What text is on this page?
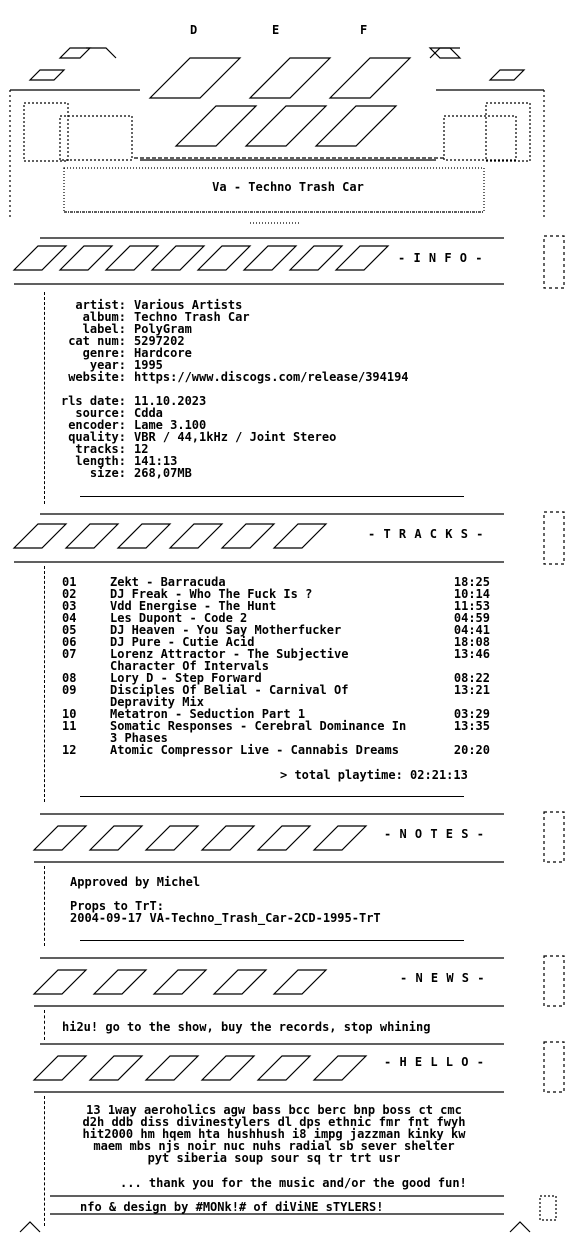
D	E	F
Va - Techno Trash Car
- I N F O -
artist: Various Artists
album: Techno Trash Car
label: PolyGram
cat num: 5297202
genre: Hardcore
year: 1995
website: https://www.discogs.com/release/394194
rls date: 11.10.2023
source: Cdda
encoder: Lame 3.100
quality: VBR / 44,1kHz / Joint Stereo
tracks: 12
length: 141:13
size: 268,07MB
- T R A C K S -
01	Zekt - Barracuda	18:25
02	DJ Freak - Who The Fuck Is ?	10:14
03	Vdd Energise - The Hunt	11:53
04	Les Dupont - Code 2	04:59
05	DJ Heaven - You Say Motherfucker	04:41
06	DJ Pure - Cutie Acid	18:08
07	Lorenz Attractor - The Subjective	13:46
Character Of Intervals
08	Lory D - Step Forward	08:22
09	Disciples Of Belial - Carnival Of	13:21
Depravity Mix
10	Metatron - Seduction Part 1	03:29
11	Somatic Responses - Cerebral Dominance In	13:35
3 Phases
12	Atomic Compressor Live - Cannabis Dreams	20:20
> total playtime: 02:21:13
- N O T E S -
Approved by Michel
Props to TrT:
2004-09-17 VA-Techno_Trash_Car-2CD-1995-TrT
- N E W S -
hi2u! go to the show, buy the records, stop whining
- H E L L O -
13 1way aeroholics agw bass bcc berc bnp boss ct cmc
d2h ddb diss divinestylers dl dps ethnic fmr fnt fwyh
hit2000 hm hqem hta hushhush i8 impg jazzman kinky kw
maem mbs njs noir nuc nuhs radial sb sever shelter
pyt siberia soup sour sq tr trt usr
... thank you for the music and/or the good fun!
nfo & design by #MONk!# of diViNE sTYLERS!
